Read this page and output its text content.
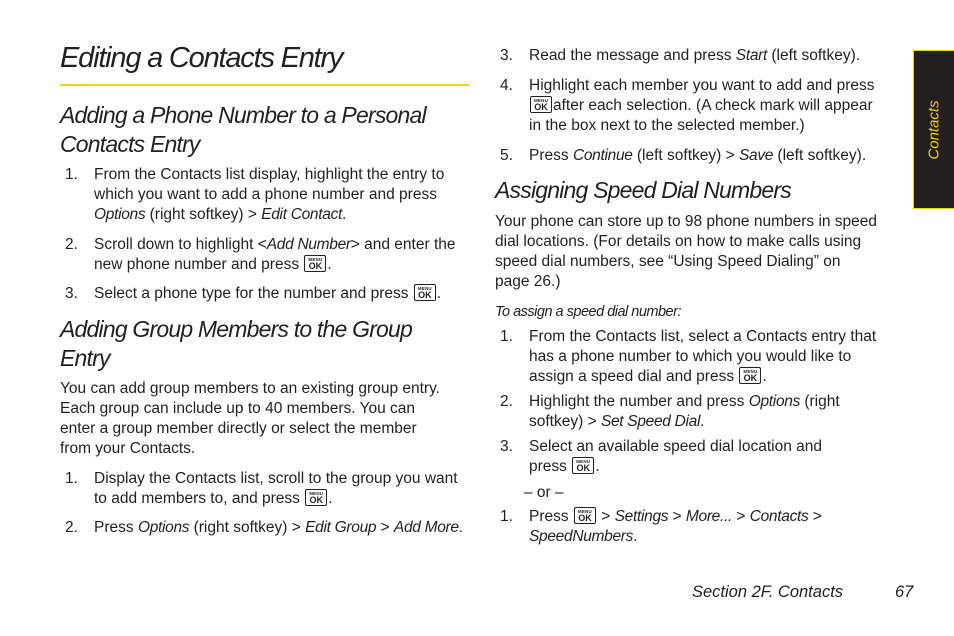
Editing a Contacts Entry
Adding a Phone Number to a Personal
Contacts Entry
1.	From the Contacts list display, highlight the entry to
which you want to add a phone number and press
Options (right softkey) > Edit Contact.
2.	Scroll down to highlight <Add Number> and enter the
new phone number and press	MENU
OK .
3.	Select a phone type for the number and press	MENU
OK .
Adding Group Members to the Group
Entry

You can add group members to an existing group entry.
Each group can include up to 40 members. You can
enter a group member directly or select the member
from your Contacts.

1.	Display the Contacts list, scroll to the group you want
to add members to, and press	MENU
OK .
2.	Press Options (right softkey) > Edit Group > Add More.
3.	Read the message and press Start (left softkey).
4.	Highlight each member you want to add and press

MENU
OK after each selection. (A check mark will appear
in the box next to the selected member.)
5.	Press Continue (left softkey) > Save (left softkey).
Assigning Speed Dial Numbers

Your phone can store up to 98 phone numbers in speed
dial locations. (For details on how to make calls using
speed dial numbers, see “Using Speed Dialing” on
page 26.)

To assign a speed dial number:
1.	From the Contacts list, select a Contacts entry that
has a phone number to which you would like to
assign a speed dial and press	MENU
OK .
2.	Highlight the number and press Options (right
softkey) > Set Speed Dial.
3.	Select an available speed dial location and
press	MENU
OK .
– or –
1.	Press	MENU
OK > Settings > More... > Contacts >
SpeedNumbers.
Contacts
Section 2F. Contacts	67
